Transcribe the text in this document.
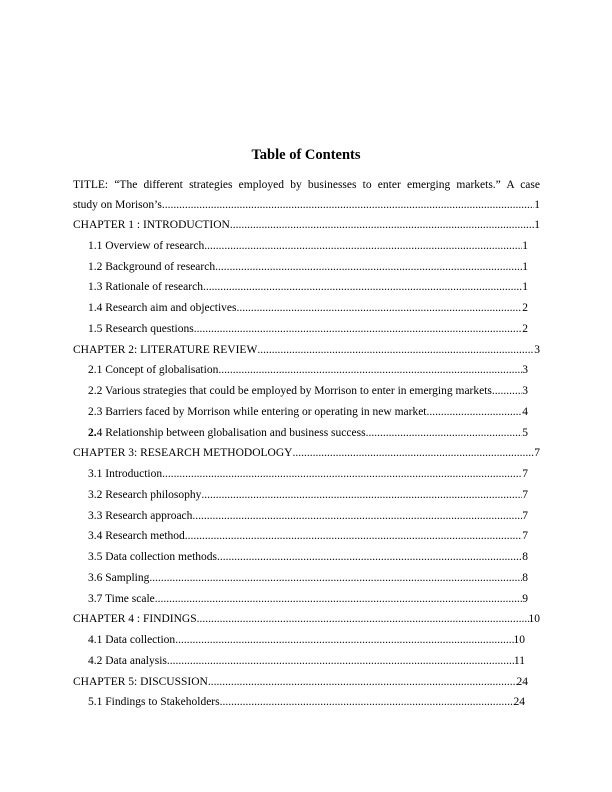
Table of Contents
TITLE: “The different strategies employed by businesses to enter emerging markets.” A case
study on Morison’s .....	1
CHAPTER 1 : INTRODUCTION .....	1
1.1 Overview of research .....	1
1.2 Background of research .....	1
1.3 Rationale of research .....	1
1.4 Research aim and objectives .....	2
1.5 Research questions .....	2
CHAPTER 2: LITERATURE REVIEW .....	3
2.1 Concept of globalisation .....	3
2.2 Various strategies that could be employed by Morrison to enter in emerging markets .....	3
2.3 Barriers faced by Morrison while entering or operating in new market .....	4
2.4 Relationship between globalisation and business success .....	5
CHAPTER 3: RESEARCH METHODOLOGY .....	7
3.1 Introduction .....	7
3.2 Research philosophy .....	7
3.3 Research approach .....	7
3.4 Research method .....	7
3.5 Data collection methods .....	8
3.6 Sampling .....	8
3.7 Time scale .....	9
CHAPTER 4 : FINDINGS .....	10
4.1 Data collection .....	10
4.2 Data analysis .....	11
CHAPTER 5: DISCUSSION .....	24
5.1 Findings to Stakeholders .....	24
